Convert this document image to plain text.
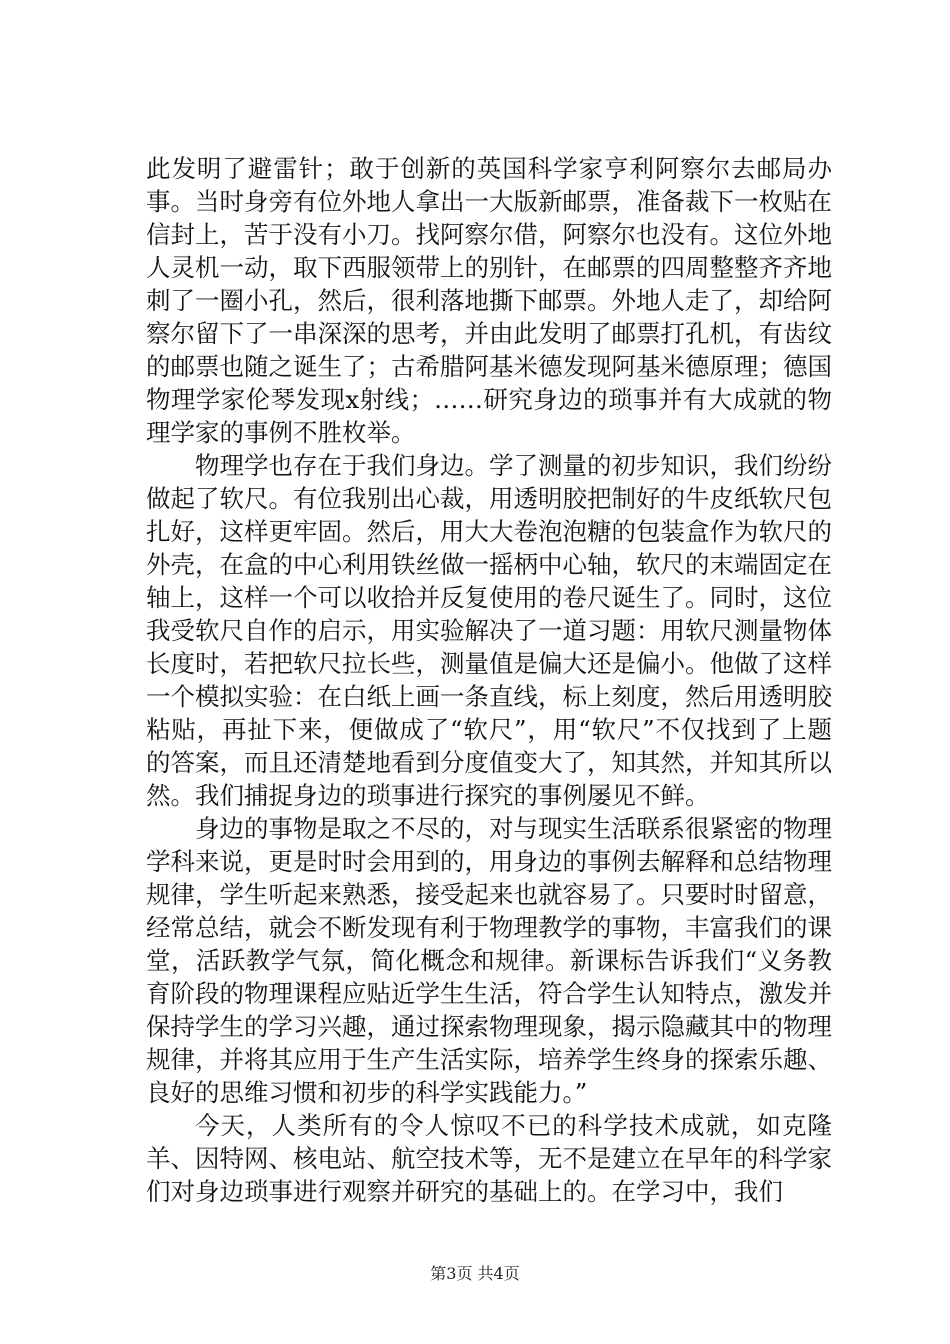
此发明了避雷针；敢于创新的英国科学家亨利阿察尔去邮局办事。当时身旁有位外地人拿出一大版新邮票，准备裁下一枚贴在信封上，苦于没有小刀。找阿察尔借，阿察尔也没有。这位外地人灵机一动，取下西服领带上的别针，在邮票的四周整整齐齐地刺了一圈小孔，然后，很利落地撕下邮票。外地人走了，却给阿察尔留下了一串深深的思考，并由此发明了邮票打孔机，有齿纹的邮票也随之诞生了；古希腊阿基米德发现阿基米德原理；德国物理学家伦琴发现x射线；……研究身边的琐事并有大成就的物理学家的事例不胜枚举。

物理学也存在于我们身边。学了测量的初步知识，我们纷纷做起了软尺。有位我别出心裁，用透明胶把制好的牛皮纸软尺包扎好，这样更牢固。然后，用大大卷泡泡糖的包装盒作为软尺的外壳，在盒的中心利用铁丝做一摇柄中心轴，软尺的末端固定在轴上，这样一个可以收拾并反复使用的卷尺诞生了。同时，这位我受软尺自作的启示，用实验解决了一道习题：用软尺测量物体长度时，若把软尺拉长些，测量值是偏大还是偏小。他做了这样一个模拟实验：在白纸上画一条直线，标上刻度，然后用透明胶粘贴，再扯下来，便做成了“软尺”，用“软尺”不仅找到了上题的答案，而且还清楚地看到分度值变大了，知其然，并知其所以然。我们捕捉身边的琐事进行探究的事例屡见不鲜。

身边的事物是取之不尽的，对与现实生活联系很紧密的物理学科来说，更是时时会用到的，用身边的事例去解释和总结物理规律，学生听起来熟悉，接受起来也就容易了。只要时时留意，经常总结，就会不断发现有利于物理教学的事物，丰富我们的课堂，活跃教学气氛，简化概念和规律。新课标告诉我们“义务教育阶段的物理课程应贴近学生生活，符合学生认知特点，激发并保持学生的学习兴趣，通过探索物理现象，揭示隐藏其中的物理规律，并将其应用于生产生活实际，培养学生终身的探索乐趣、良好的思维习惯和初步的科学实践能力。”

今天，人类所有的令人惊叹不已的科学技术成就，如克隆羊、因特网、核电站、航空技术等，无不是建立在早年的科学家们对身边琐事进行观察并研究的基础上的。在学习中，我们

第3页 共4页
